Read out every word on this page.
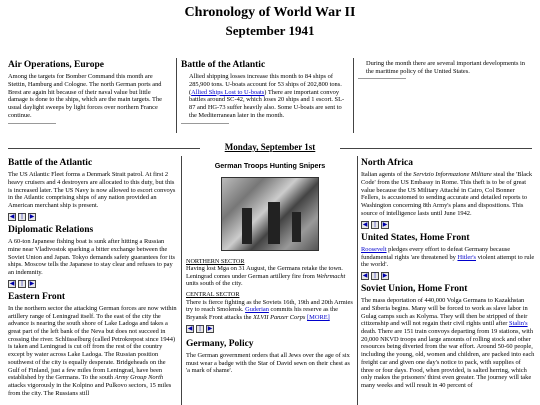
Chronology of World War II
September 1941
Air Operations, Europe

Among the targets for Bomber Command this month are Stettin, Hamburg and Cologne. The north German ports and Brest are again hit because of their naval value but little damage is done to the ships, which are the main targets. The usual daylight sweeps by light forces over northern France continue.

Battle of the Atlantic
• Allied shipping losses increase this month to 84 ships of 285,900 tons. U-boats account for 53 ships of 202,800 tons. (Allied Ships Lost to U-boats) There are important convoy battles around SC-42, which loses 20 ships and 1 escort. SL-87 and HG-73 suffer heavily also. Some U-boats are sent to the Mediterranean later in the month.
• During the month there are several important developments in the maritime policy of the United States.
Monday, September 1st
Battle of the Atlantic

The US Atlantic Fleet forms a Denmark Strait patrol. At first 2 heavy cruisers and 4 destroyers are allocated to this duty, but this is increased later. The US Navy is now allowed to escort convoys in the Atlantic comprising ships of any nation provided an American merchant ship is present.

◀	|	▶
Diplomatic Relations

A 60-ton Japanese fishing boat is sunk after hitting a Russian mine near Vladivostok sparking a bitter exchange between the Soviet Union and Japan. Tokyo demands safety guarantees for its ships. Moscow tells the Japanese to stay clear and refuses to pay an indemnity.

◀	|	▶
Eastern Front

In the northern sector the attacking German forces are now within artillery range of Leningrad itself. To the east of the city the advance is nearing the south shore of Lake Ladoga and takes a great part of the left bank of the Neva but does not succeed in crossing the river. Schlüsselburg (called Petrokrepost since 1944) is taken and Leningrad is cut off from the rest of the country except by water across Lake Ladoga. The Russian position southwest of the city is equally desperate. Bridgeheads on the Gulf of Finland, just a few miles from Leningrad, have been established by the Germans. To the south Army Group North attacks vigorously in the Kolpino and Pulkovo sectors, 15 miles from the city. The Russians still

German Troops Hunting Snipers
NORTHERN SECTOR

Having lost Mga on 31 August, the Germans retake the town. Leningrad comes under German artillery fire from Wehrmacht units south of the city.

CENTRAL SECTOR

There is fierce fighting as the Soviets 16th, 19th and 20th Armies try to reach Smolensk. Guderian commits his reserve as the Bryansk Front attacks the XLVII Panzer Corps [MORE]

◀	|	▶
Germany, Policy

The German government orders that all Jews over the age of six must wear a badge with the Star of David sewn on their chest as 'a mark of shame'.

North Africa

Italian agents of the Servizio Informazione Militare steal the 'Black Code' from the US Embassy in Rome. This theft is to be of great value because the US Military Attaché in Cairo, Col Bonner Fellers, is accustomed to sending accurate and detailed reports to Washington concerning 8th Army's plans and dispositions. This source of intelligence lasts until June 1942.

◀	|	▶
United States, Home Front

Roosevelt pledges every effort to defeat Germany because fundamental rights 'are threatened by Hitler's violent attempt to rule the world'.

◀	|	▶
Soviet Union, Home Front

The mass deportation of 440,000 Volga Germans to Kazakhstan and Siberia begins. Many will be forced to work as slave labor in Gulag camps such as Kolyma. They will then be stripped of their citizenship and will not regain their civil rights until after Stalin's death. There are 151 train convoys departing from 19 stations, with 20,000 NKVD troops and large amounts of rolling stock and other resources being diverted from the war effort. Around 50-60 people, including the young, old, women and children, are packed into each freight car and given one day's notice to pack, with supplies of three or four days. Food, when provided, is salted herring, which only makes the prisoners' thirst even greater. The journey will take many weeks and will result in 40 percent of
